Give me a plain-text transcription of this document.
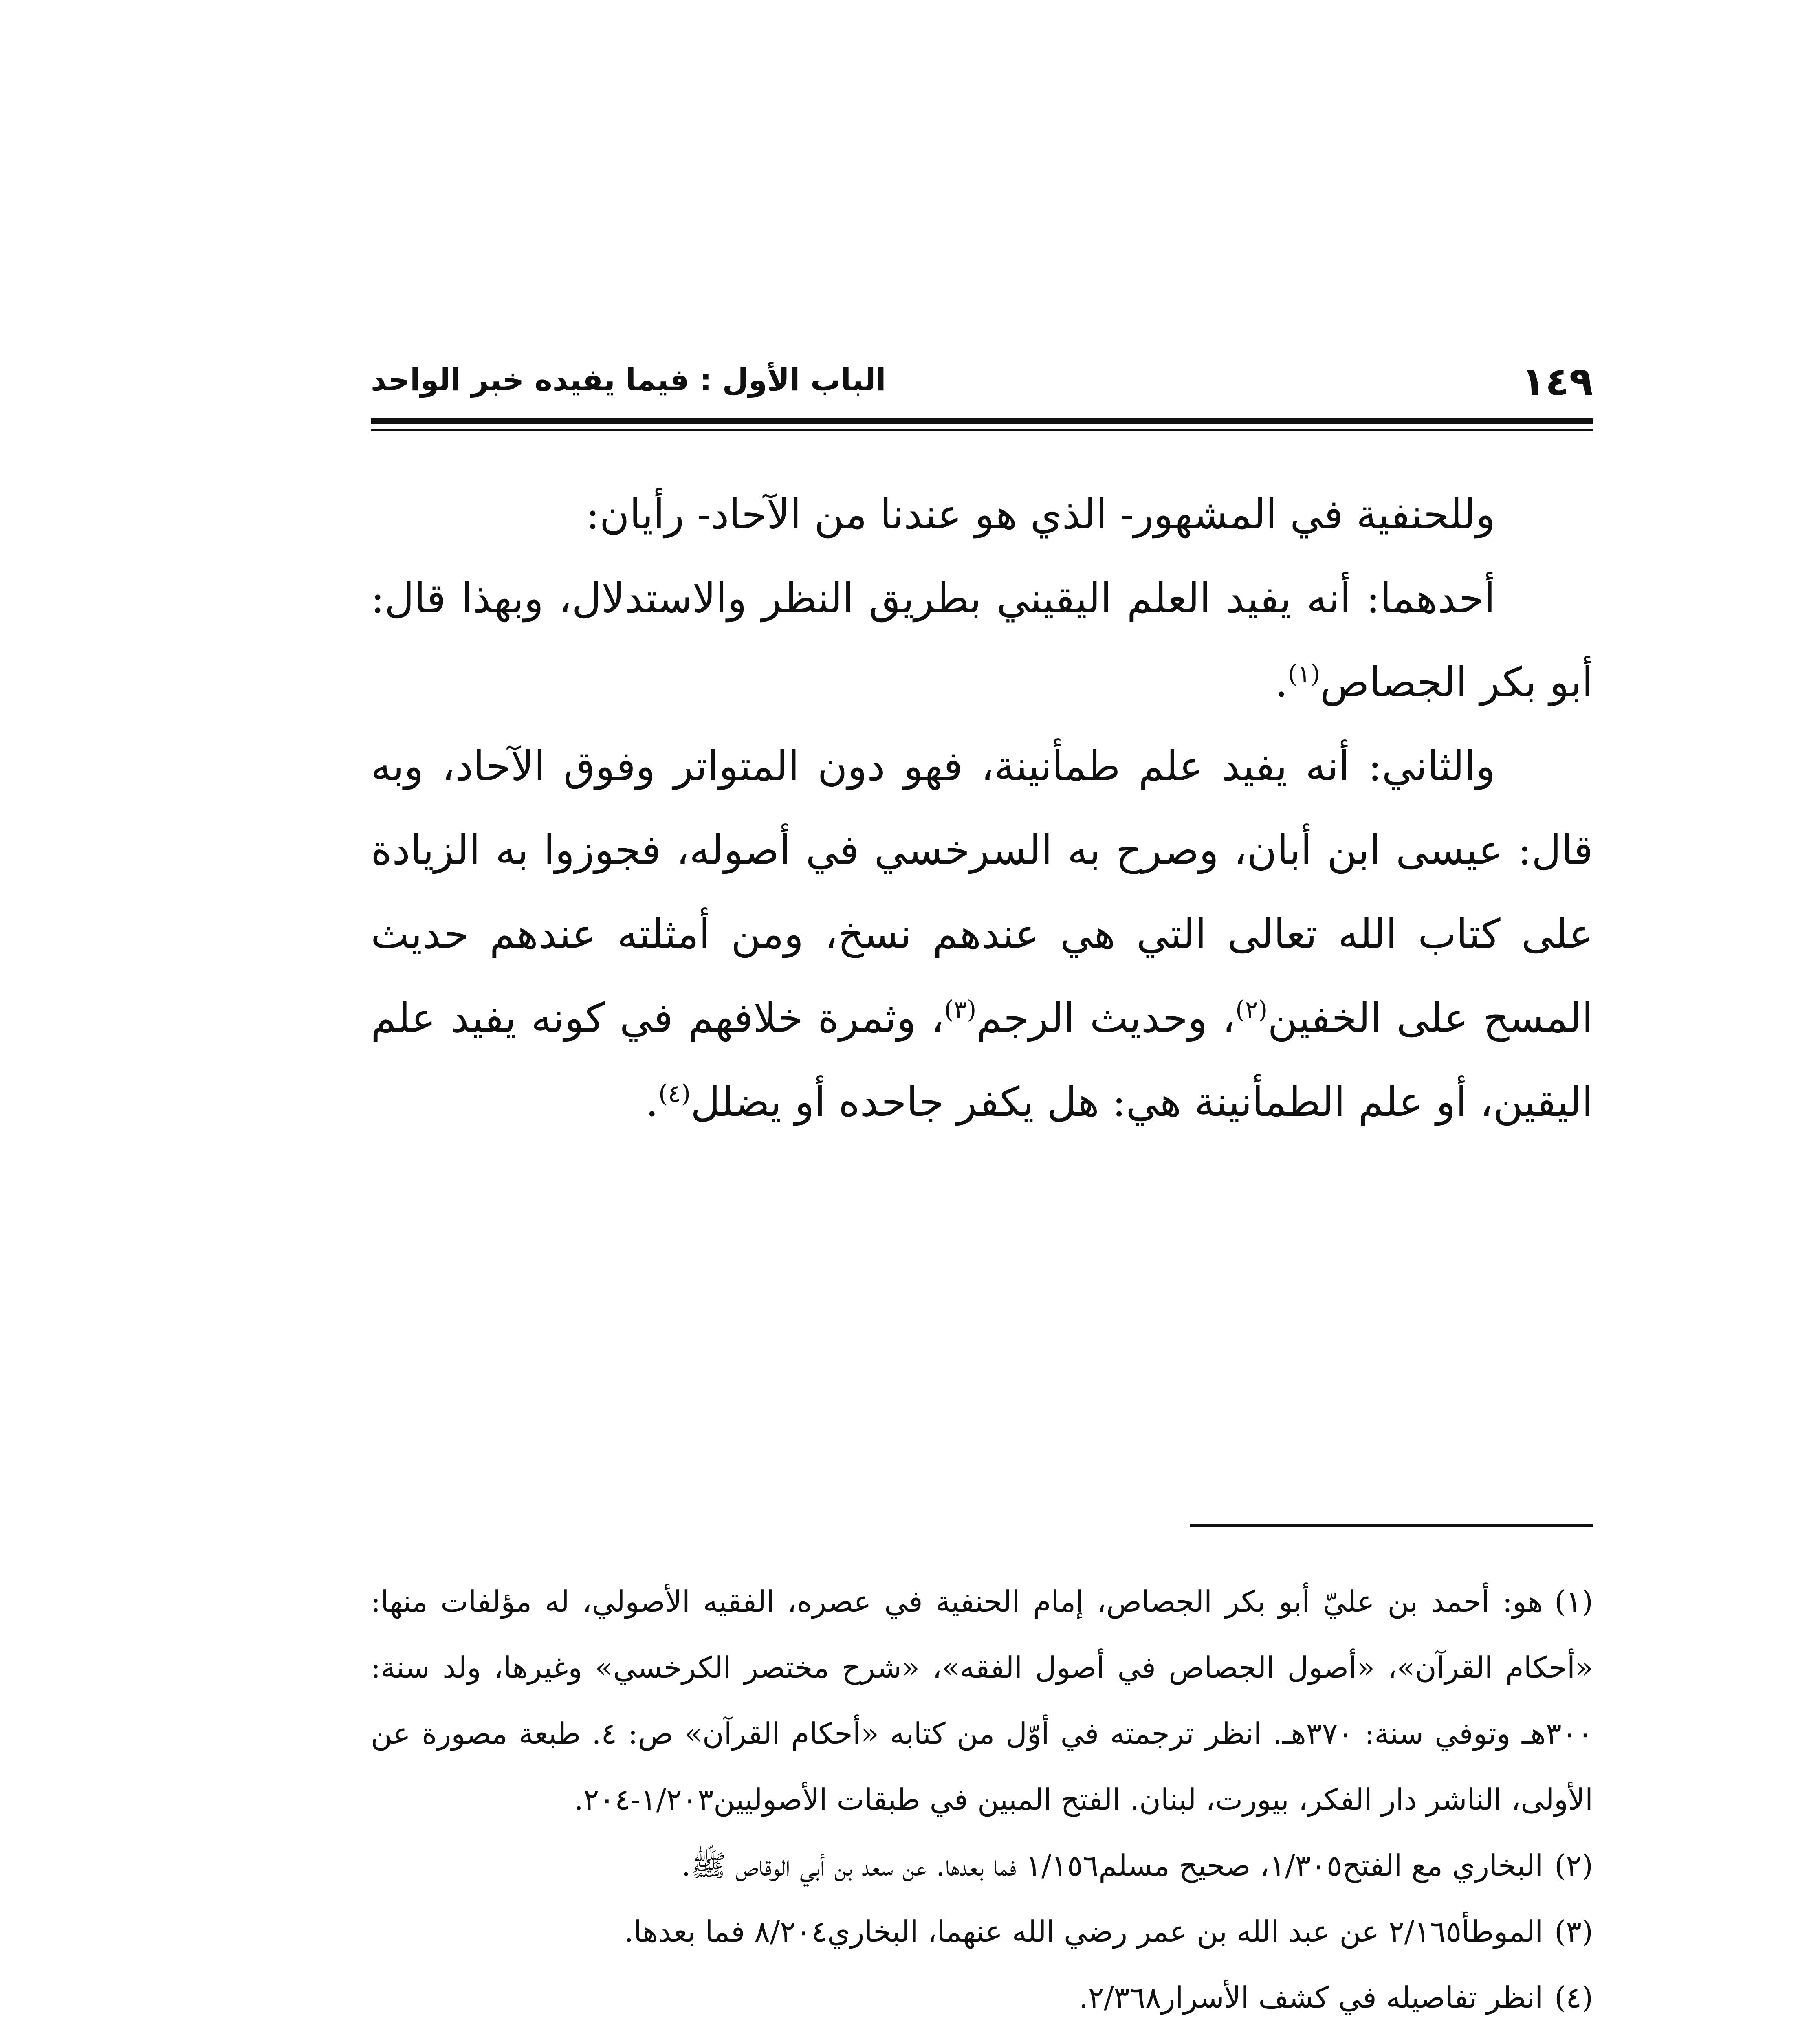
الباب الأول : فيما يفيده خبر الواحد	١٤٩

وللحنفية في المشهور- الذي هو عندنا من الآحاد- رأيان:

أحدهما: أنه يفيد العلم اليقيني بطريق النظر والاستدلال، وبهذا قال: أبو بكر الجصاص$^{(١)}$.

والثاني: أنه يفيد علم طمأنينة، فهو دون المتواتر وفوق الآحاد، وبه قال: عيسى ابن أبان، وصرح به السرخسي في أصوله، فجوزوا به الزيادة على كتاب الله تعالى التي هي عندهم نسخ، ومن أمثلته عندهم حديث المسح على الخفين$^{(٢)}$، وحديث الرجم$^{(٣)}$، وثمرة خلافهم في كونه يفيد علم اليقين، أو علم الطمأنينة هي: هل يكفر جاحده أو يضلل$^{(٤)}$.

(١)هو: أحمد بن عليّ أبو بكر الجصاص، إمام الحنفية في عصره، الفقيه الأصولي، له مؤلفات منها: «أحكام القرآن»، «أصول الجصاص في أصول الفقه»، «شرح مختصر الكرخسي» وغيرها، ولد سنة: ٣٠٠هـ وتوفي سنة: ٣٧٠هـ. انظر ترجمته في أوّل من كتابه «أحكام القرآن» ص: ٤. طبعة مصورة عن الأولى، الناشر دار الفكر، بيورت، لبنان. الفتح المبين في طبقات الأصوليين١/٢٠٣-٢٠٤.

(٢)البخاري مع الفتح١/٣٠٥، صحيح مسلم١/١٥٦ فما بعدها. عن سعد بن أبي الوقاص ﷺ.

(٣)الموطأ٢/١٦٥ عن عبد الله بن عمر رضي الله عنهما، البخاري٨/٢٠٤ فما بعدها.

(٤)انظر تفاصيله في كشف الأسرار٢/٣٦٨.
